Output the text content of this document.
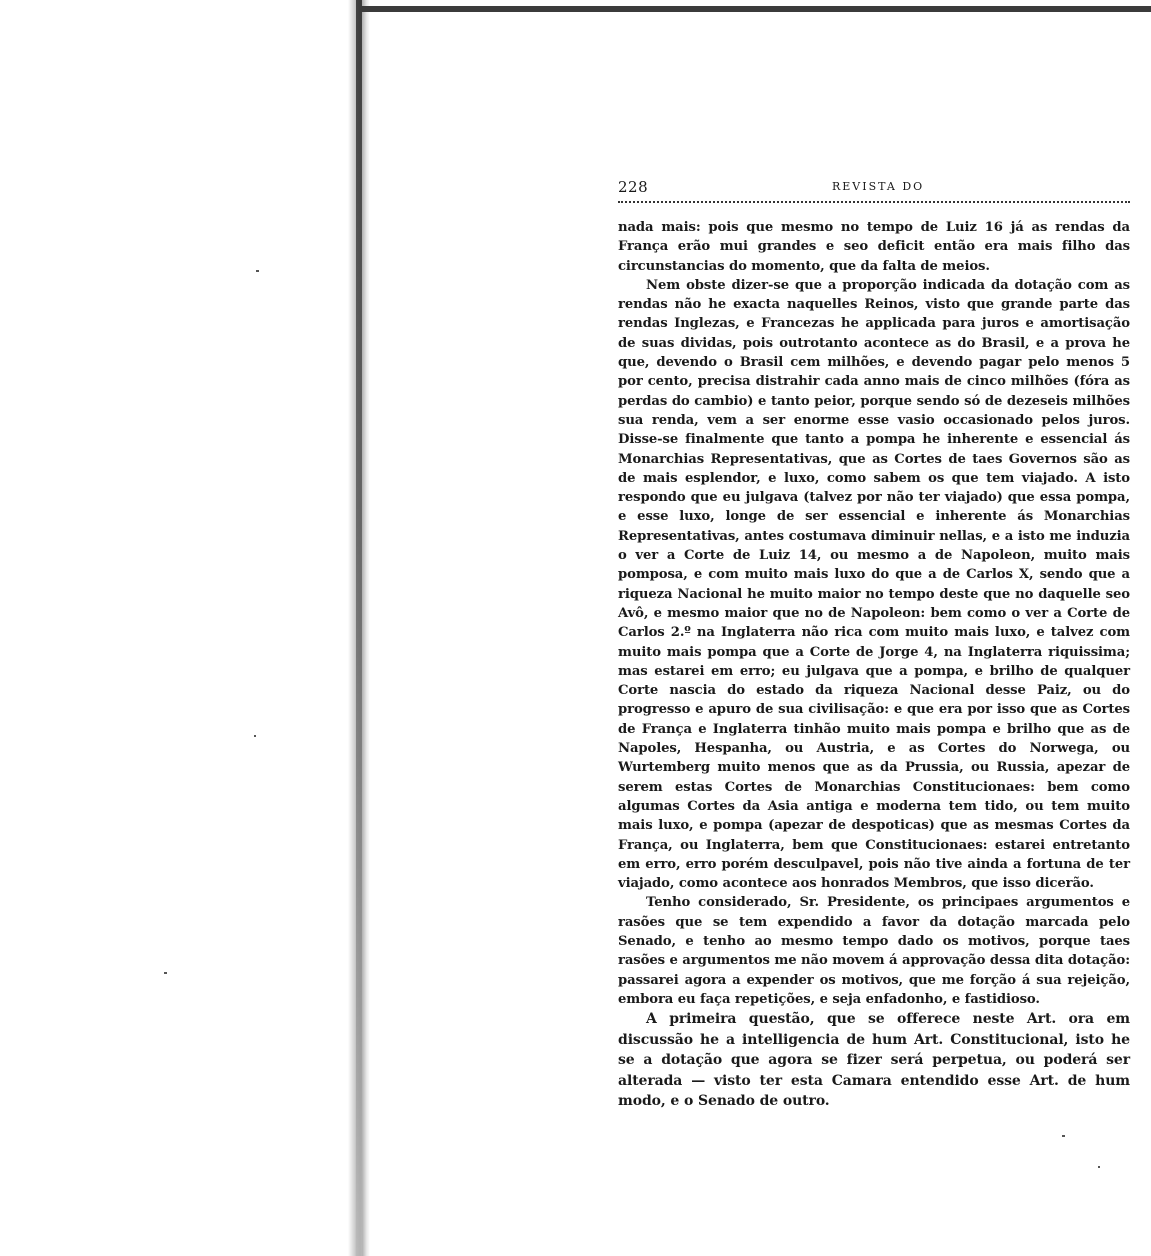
228	REVISTA DO

nada mais: pois que mesmo no tempo de Luiz 16 já as rendas da França erão mui grandes e seo deficit então era mais filho das circunstancias do momento, que da falta de meios.

Nem obste dizer-se que a proporção indicada da dotação com as rendas não he exacta naquelles Reinos, visto que grande parte das rendas Inglezas, e Francezas he applicada para juros e amortisação de suas dividas, pois outrotanto acontece as do Brasil, e a prova he que, devendo o Brasil cem milhões, e devendo pagar pelo menos 5 por cento, precisa distrahir cada anno mais de cinco milhões (fóra as perdas do cambio) e tanto peior, porque sendo só de dezeseis milhões sua renda, vem a ser enorme esse vasio occasionado pelos juros. Disse-se finalmente que tanto a pompa he inherente e essencial ás Monarchias Representativas, que as Cortes de taes Governos são as de mais esplendor, e luxo, como sabem os que tem viajado. A isto respondo que eu julgava (talvez por não ter viajado) que essa pompa, e esse luxo, longe de ser essencial e inherente ás Monarchias Representativas, antes costumava diminuir nellas, e a isto me induzia o ver a Corte de Luiz 14, ou mesmo a de Napoleon, muito mais pomposa, e com muito mais luxo do que a de Carlos X, sendo que a riqueza Nacional he muito maior no tempo deste que no daquelle seo Avô, e mesmo maior que no de Napoleon: bem como o ver a Corte de Carlos 2.º na Inglaterra não rica com muito mais luxo, e talvez com muito mais pompa que a Corte de Jorge 4, na Inglaterra riquissima; mas estarei em erro; eu julgava que a pompa, e brilho de qualquer Corte nascia do estado da riqueza Nacional desse Paiz, ou do progresso e apuro de sua civilisação: e que era por isso que as Cortes de França e Inglaterra tinhão muito mais pompa e brilho que as de Napoles, Hespanha, ou Austria, e as Cortes do Norwega, ou Wurtemberg muito menos que as da Prussia, ou Russia, apezar de serem estas Cortes de Monarchias Constitucionaes: bem como algumas Cortes da Asia antiga e moderna tem tido, ou tem muito mais luxo, e pompa (apezar de despoticas) que as mesmas Cortes da França, ou Inglaterra, bem que Constitucionaes: estarei entretanto em erro, erro porém desculpavel, pois não tive ainda a fortuna de ter viajado, como acontece aos honrados Membros, que isso dicerão.

Tenho considerado, Sr. Presidente, os principaes argumentos e rasões que se tem expendido a favor da dotação marcada pelo Senado, e tenho ao mesmo tempo dado os motivos, porque taes rasões e argumentos me não movem á approvação dessa dita dotação: passarei agora a expender os motivos, que me forção á sua rejeição, embora eu faça repetições, e seja enfadonho, e fastidioso.

A primeira questão, que se offerece neste Art. ora em discussão he a intelligencia de hum Art. Constitucional, isto he se a dotação que agora se fizer será perpetua, ou poderá ser alterada — visto ter esta Camara entendido esse Art. de hum modo, e o Senado de outro.
